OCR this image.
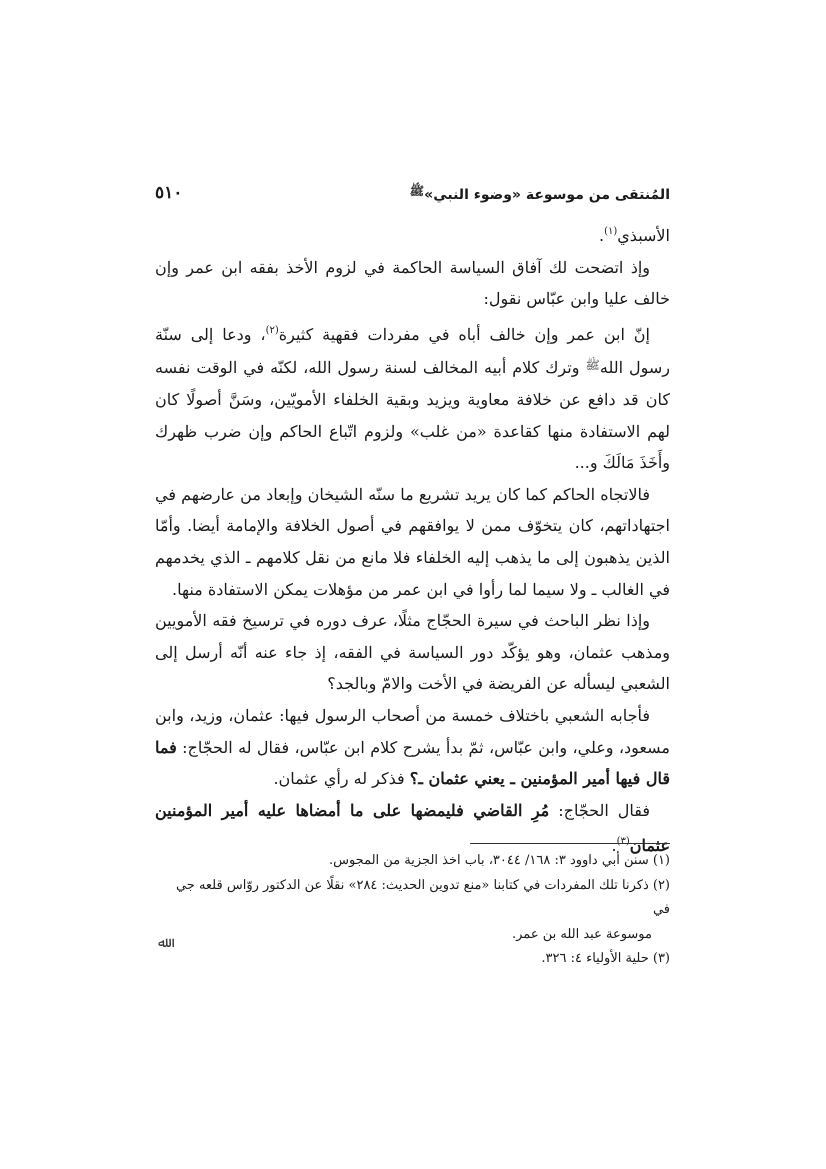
٥١٠	المُنتقى من موسوعة «وضوء النبي»ﷺ

الأسبذي$^{(١)}$.

وإذ اتضحت لك آفاق السياسة الحاكمة في لزوم الأخذ بفقه ابن عمر وإن خالف عليا وابن عبّاس نقول:

إنّ ابن عمر وإن خالف أباه في مفردات فقهية كثيرة$^{(٢)}$، ودعا إلى سنّة رسول الله$^ﷺ$ وترك كلام أبيه المخالف لسنة رسول الله، لكنّه في الوقت نفسه كان قد دافع عن خلافة معاوية ويزيد وبقية الخلفاء الأمويّين، وسَنَّ أصولًا كان لهم الاستفادة منها كقاعدة «من غلب» ولزوم اتّباع الحاكم وإن ضرب ظهرك وأَخَذَ مَالَكَ و...

فالاتجاه الحاكم كما كان يريد تشريع ما سنّه الشيخان وإبعاد من عارضهم في اجتهاداتهم، كان يتخوّف ممن لا يوافقهم في أصول الخلافة والإمامة أيضا. وأمّا الذين يذهبون إلى ما يذهب إليه الخلفاء فلا مانع من نقل كلامهم ـ الذي يخدمهم في الغالب ـ ولا سيما لما رأوا في ابن عمر من مؤهلات يمكن الاستفادة منها.

وإذا نظر الباحث في سيرة الحجّاج مثلًا، عرف دوره في ترسيخ فقه الأمويين ومذهب عثمان، وهو يؤكّد دور السياسة في الفقه، إذ جاء عنه أنّه أرسل إلى الشعبي ليسأله عن الفريضة في الأخت والامّ وبالجد؟

فأجابه الشعبي باختلاف خمسة من أصحاب الرسول فيها: عثمان، وزيد، وابن مسعود، وعلي، وابن عبّاس، ثمّ بدأ يشرح كلام ابن عبّاس، فقال له الحجّاج: فما قال فيها أمير المؤمنين ـ يعني عثمان ـ؟ فذكر له رأي عثمان.

فقال الحجّاج: مُرِ القاضي فليمضها على ما أمضاها عليه أمير المؤمنين عثمان$^{(٣)}$.

(١) سنن أبي داوود ٣: ١٦٨/ ٣٠٤٤، باب اخذ الجزية من المجوس.
(٢) ذكرنا تلك المفردات في كتابنا «منع تدوين الحديث: ٢٨٤» نقلًا عن الدكتور روّاس قلعه جي في
موسوعة عبد الله بن عمر.
(٣) حلية الأولياء ٤: ٣٢٦.
ﷲ
